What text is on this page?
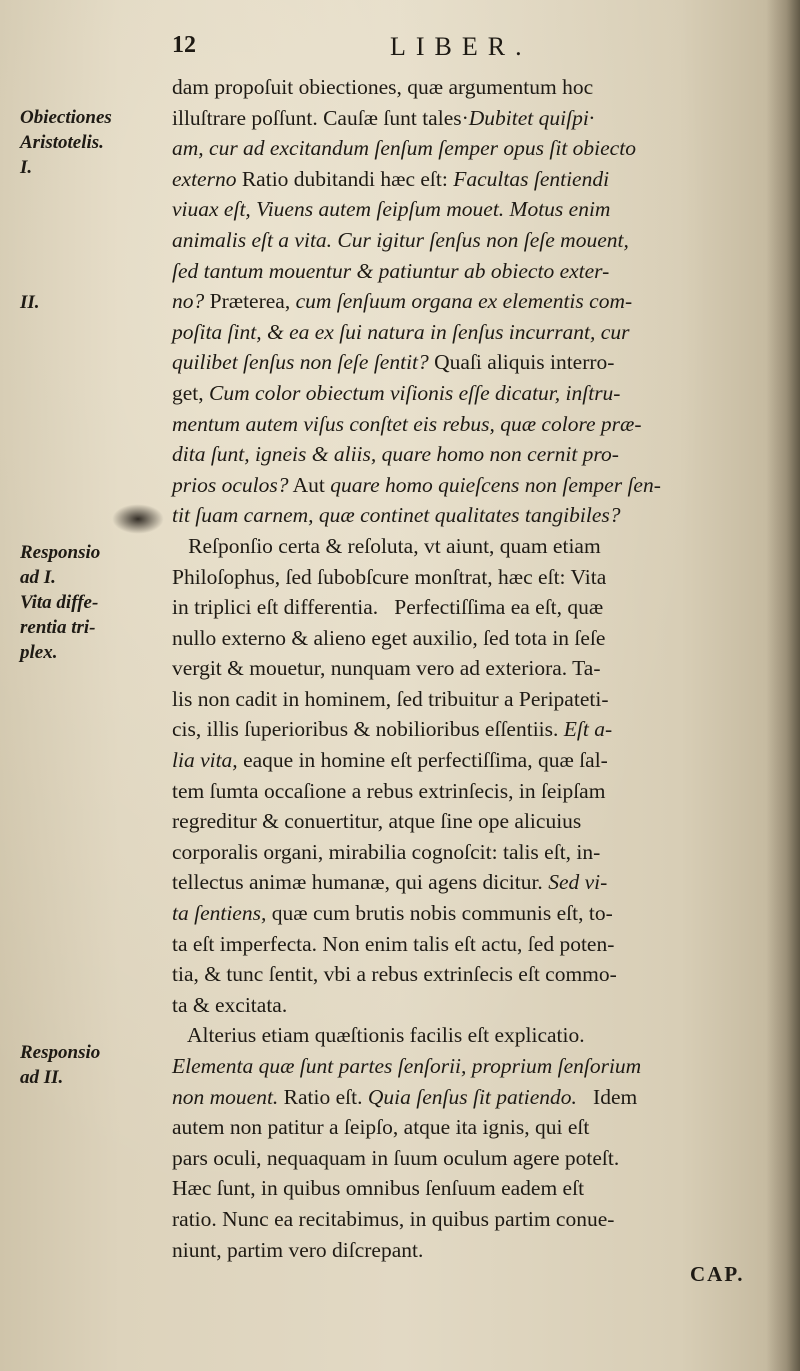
12	LIBER.
Obiectiones
Aristotelis.
I.
II.
Responsio
ad I.
Vita diffe-
rentia tri-
plex.
Responsio
ad II.
dam propoſuit obiectiones, quæ argumentum hoc
illuſtrare poſſunt. Cauſæ ſunt tales·Dubitet quiſpi·
am, cur ad excitandum ſenſum ſemper opus ſit obiecto
externo Ratio dubitandi hæc eſt: Facultas ſentiendi
viuax eſt, Viuens autem ſeipſum mouet. Motus enim
animalis eſt a vita. Cur igitur ſenſus non ſeſe mouent,
ſed tantum mouentur & patiuntur ab obiecto exter-
no? Præterea, cum ſenſuum organa ex elementis com-
poſita ſint, & ea ex ſui natura in ſenſus incurrant, cur
quilibet ſenſus non ſeſe ſentit? Quaſi aliquis interro-
get, Cum color obiectum viſionis eſſe dicatur, inſtru-
mentum autem viſus conſtet eis rebus, quæ colore præ-
dita ſunt, igneis & aliis, quare homo non cernit pro-
prios oculos? Aut quare homo quieſcens non ſemper ſen-
tit ſuam carnem, quæ continet qualitates tangibiles?
Reſponſio certa & reſoluta, vt aiunt, quam etiam
Philoſophus, ſed ſubobſcure monſtrat, hæc eſt: Vita
in triplici eſt differentia.   Perfectiſſima ea eſt, quæ
nullo externo & alieno eget auxilio, ſed tota in ſeſe
vergit & mouetur, nunquam vero ad exteriora. Ta-
lis non cadit in hominem, ſed tribuitur a Peripateti-
cis, illis ſuperioribus & nobilioribus eſſentiis. Eſt a-
lia vita, eaque in homine eſt perfectiſſima, quæ ſal-
tem ſumta occaſione a rebus extrinſecis, in ſeipſam
regreditur & conuertitur, atque ſine ope alicuius
corporalis organi, mirabilia cognoſcit: talis eſt, in-
tellectus animæ humanæ, qui agens dicitur. Sed vi-
ta ſentiens, quæ cum brutis nobis communis eſt, to-
ta eſt imperfecta. Non enim talis eſt actu, ſed poten-
tia, & tunc ſentit, vbi a rebus extrinſecis eſt commo-
ta & excitata.
Alterius etiam quæſtionis facilis eſt explicatio.
Elementa quæ ſunt partes ſenſorii, proprium ſenſorium
non mouent. Ratio eſt. Quia ſenſus ſit patiendo.   Idem
autem non patitur a ſeipſo, atque ita ignis, qui eſt
pars oculi, nequaquam in ſuum oculum agere poteſt.
Hæc ſunt, in quibus omnibus ſenſuum eadem eſt
ratio. Nunc ea recitabimus, in quibus partim conue-
niunt, partim vero diſcrepant.
CAP.
